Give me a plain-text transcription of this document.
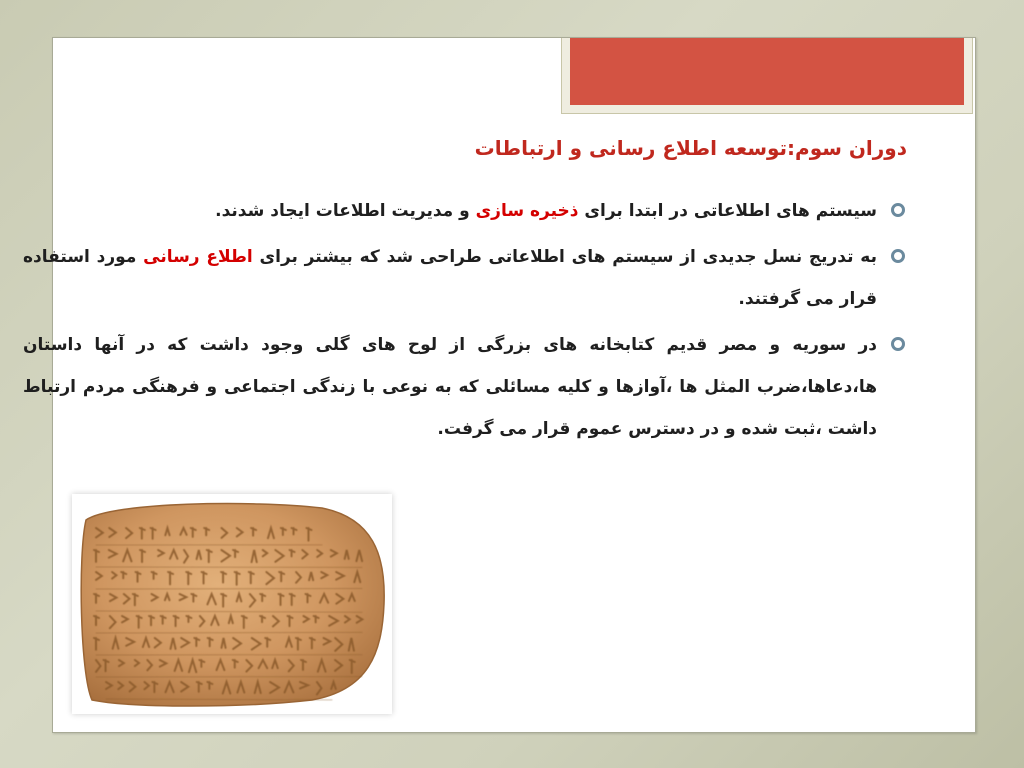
دوران سوم:توسعه اطلاع رسانی و ارتباطات
سیستم های اطلاعاتی در ابتدا برای ذخیره سازی و مدیریت اطلاعات ایجاد شدند.
به تدریج نسل جدیدی از سیستم های اطلاعاتی طراحی شد که بیشتر برای اطلاع رسانی مورد استفاده قرار می گرفتند.
در سوریه و مصر قدیم کتابخانه های بزرگی از لوح های گلی وجود داشت که در آنها داستان ها،دعاها،ضرب المثل ها ،آوازها و کلیه مسائلی که به نوعی با زندگی اجتماعی و فرهنگی مردم ارتباط داشت ،ثبت شده و در دسترس عموم قرار می گرفت.
